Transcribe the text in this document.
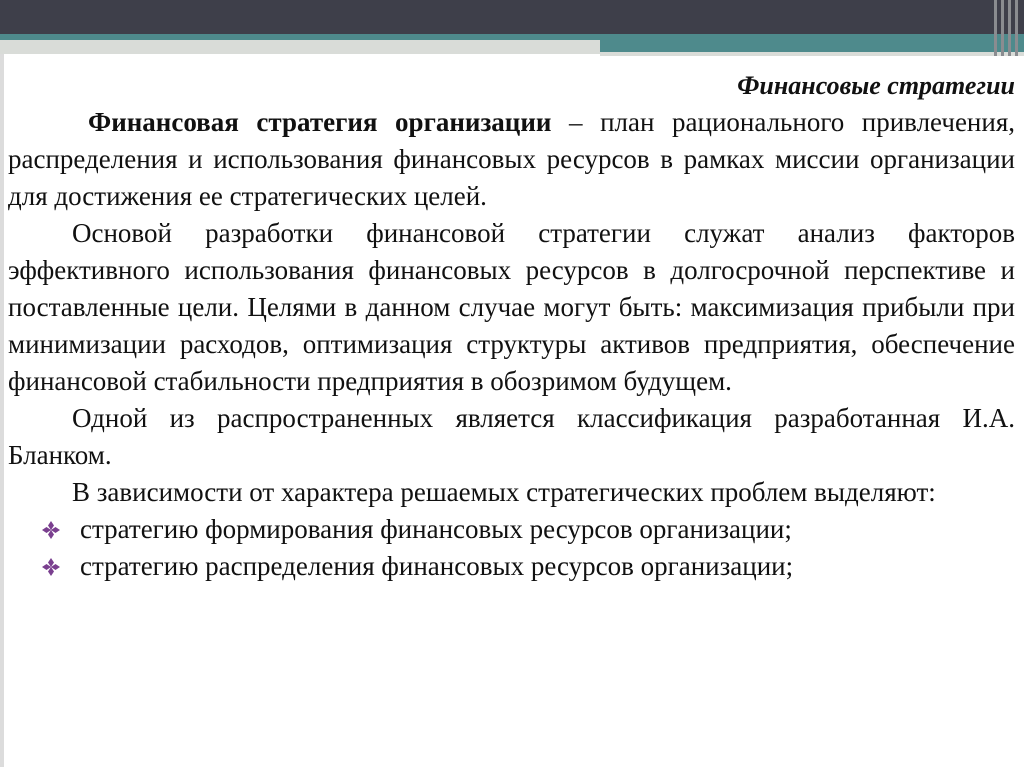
Финансовые стратегии

Финансовая стратегия организации – план рационального привлечения, распределения и использования финансовых ресурсов в рамках миссии организации для достижения ее стратегических целей.

Основой разработки финансовой стратегии служат анализ факторов эффективного использования финансовых ресурсов в долгосрочной перспективе и поставленные цели. Целями в данном случае могут быть: максимизация прибыли при минимизации расходов, оптимизация структуры активов предприятия, обеспечение финансовой стабильности предприятия в обозримом будущем.

Одной из распространенных является классификация разработанная И.А. Бланком.

В зависимости от характера решаемых стратегических проблем выделяют:

стратегию формирования финансовых ресурсов организации;
стратегию распределения финансовых ресурсов организации;
